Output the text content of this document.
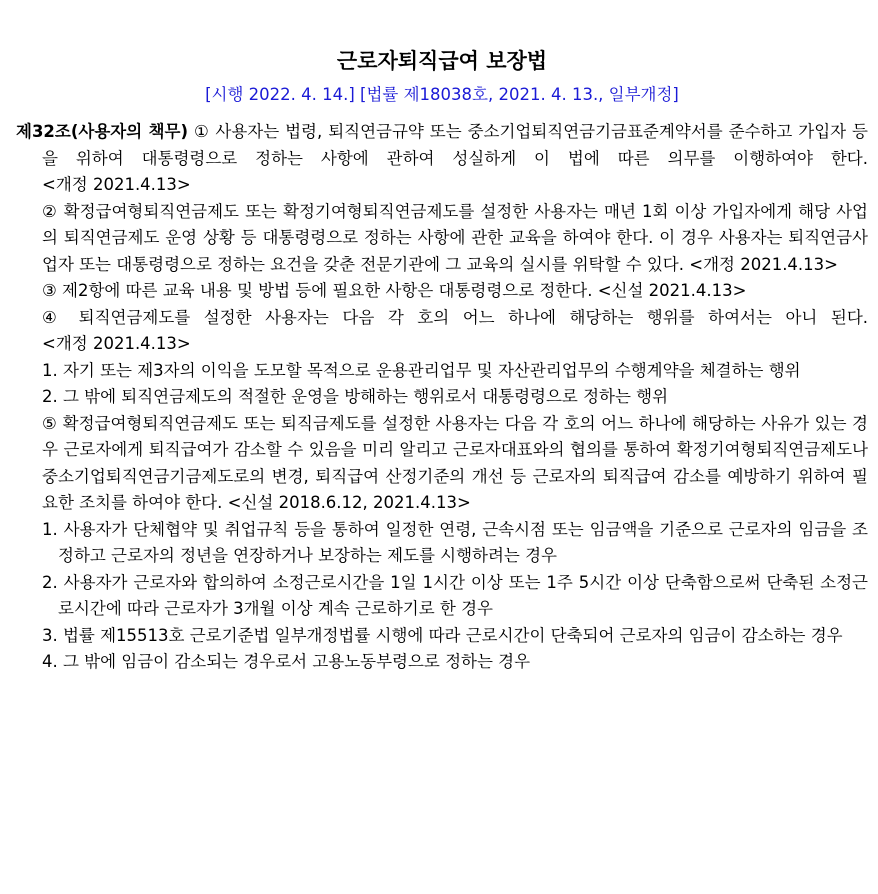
근로자퇴직급여 보장법
[시행 2022. 4. 14.] [법률 제18038호, 2021. 4. 13., 일부개정]

제32조(사용자의 책무) ① 사용자는 법령, 퇴직연금규약 또는 중소기업퇴직연금기금표준계약서를 준수하고 가입자 등을 위하여 대통령령으로 정하는 사항에 관하여 성실하게 이 법에 따른 의무를 이행하여야 한다. <개정 2021.4.13>

② 확정급여형퇴직연금제도 또는 확정기여형퇴직연금제도를 설정한 사용자는 매년 1회 이상 가입자에게 해당 사업의 퇴직연금제도 운영 상황 등 대통령령으로 정하는 사항에 관한 교육을 하여야 한다. 이 경우 사용자는 퇴직연금사업자 또는 대통령령으로 정하는 요건을 갖춘 전문기관에 그 교육의 실시를 위탁할 수 있다. <개정 2021.4.13>

③ 제2항에 따른 교육 내용 및 방법 등에 필요한 사항은 대통령령으로 정한다. <신설 2021.4.13>

④ 퇴직연금제도를 설정한 사용자는 다음 각 호의 어느 하나에 해당하는 행위를 하여서는 아니 된다. <개정 2021.4.13>

1. 자기 또는 제3자의 이익을 도모할 목적으로 운용관리업무 및 자산관리업무의 수행계약을 체결하는 행위

2. 그 밖에 퇴직연금제도의 적절한 운영을 방해하는 행위로서 대통령령으로 정하는 행위

⑤ 확정급여형퇴직연금제도 또는 퇴직금제도를 설정한 사용자는 다음 각 호의 어느 하나에 해당하는 사유가 있는 경우 근로자에게 퇴직급여가 감소할 수 있음을 미리 알리고 근로자대표와의 협의를 통하여 확정기여형퇴직연금제도나 중소기업퇴직연금기금제도로의 변경, 퇴직급여 산정기준의 개선 등 근로자의 퇴직급여 감소를 예방하기 위하여 필요한 조치를 하여야 한다. <신설 2018.6.12, 2021.4.13>

1. 사용자가 단체협약 및 취업규칙 등을 통하여 일정한 연령, 근속시점 또는 임금액을 기준으로 근로자의 임금을 조정하고 근로자의 정년을 연장하거나 보장하는 제도를 시행하려는 경우

2. 사용자가 근로자와 합의하여 소정근로시간을 1일 1시간 이상 또는 1주 5시간 이상 단축함으로써 단축된 소정근로시간에 따라 근로자가 3개월 이상 계속 근로하기로 한 경우

3. 법률 제15513호 근로기준법 일부개정법률 시행에 따라 근로시간이 단축되어 근로자의 임금이 감소하는 경우

4. 그 밖에 임금이 감소되는 경우로서 고용노동부령으로 정하는 경우
